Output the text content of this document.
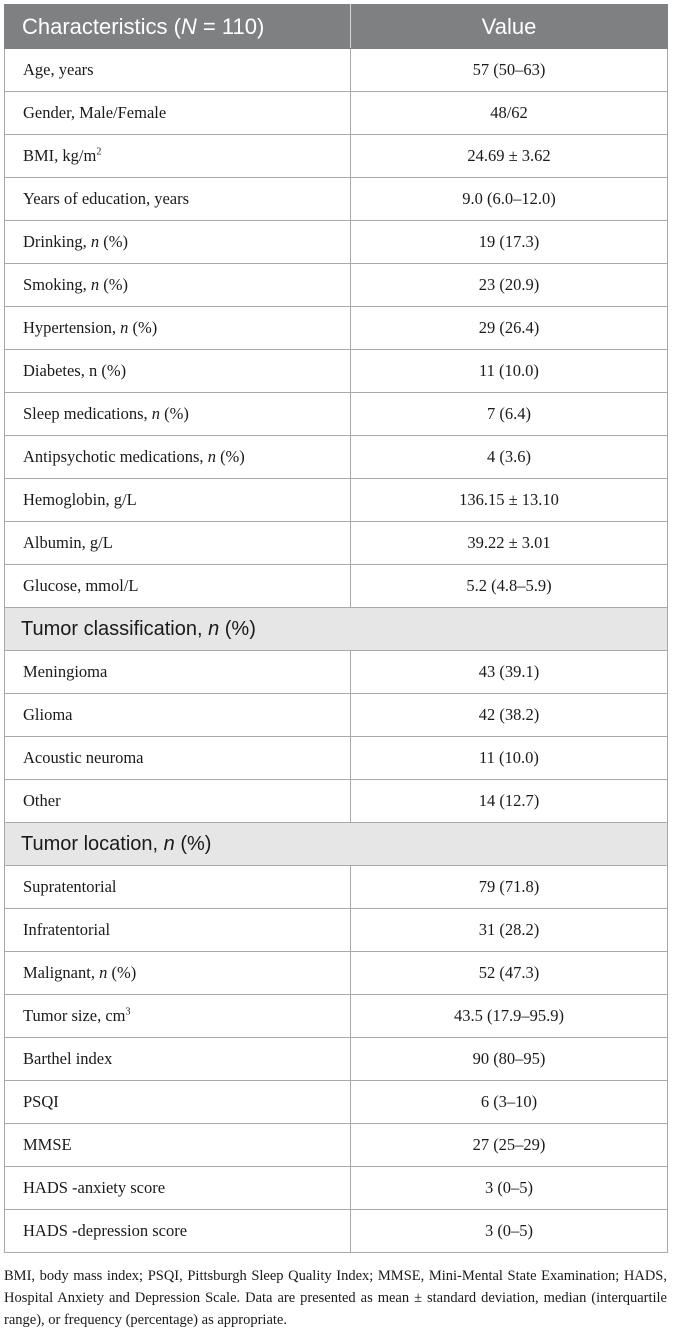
Characteristics (N = 110)	Value
Age, years	57 (50–63)
Gender, Male/Female	48/62
BMI, $kg/m^2$	24.69 ± 3.62
Years of education, years	9.0 (6.0–12.0)
Drinking, n (%)	19 (17.3)
Smoking, n (%)	23 (20.9)
Hypertension, n (%)	29 (26.4)
Diabetes, n (%)	11 (10.0)
Sleep medications, n (%)	7 (6.4)
Antipsychotic medications, n (%)	4 (3.6)
Hemoglobin, g/L	136.15 ± 13.10
Albumin, g/L	39.22 ± 3.01
Glucose, mmol/L	5.2 (4.8–5.9)
Tumor classification, n (%)	
Meningioma	43 (39.1)
Glioma	42 (38.2)
Acoustic neuroma	11 (10.0)
Other	14 (12.7)
Tumor location, n (%)	
Supratentorial	79 (71.8)
Infratentorial	31 (28.2)
Malignant, n (%)	52 (47.3)
Tumor size, $cm^3$	43.5 (17.9–95.9)
Barthel index	90 (80–95)
PSQI	6 (3–10)
MMSE	27 (25–29)
HADS -anxiety score	3 (0–5)
HADS -depression score	3 (0–5)
BMI, body mass index; PSQI, Pittsburgh Sleep Quality Index; MMSE, Mini-Mental State Examination; HADS, Hospital Anxiety and Depression Scale. Data are presented as mean ± standard deviation, median (interquartile range), or frequency (percentage) as appropriate.
